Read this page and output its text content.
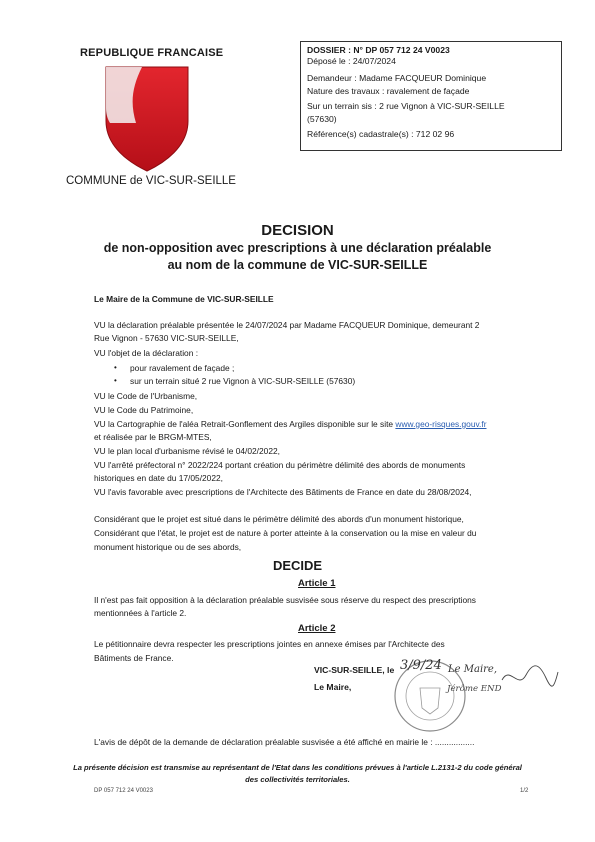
REPUBLIQUE FRANCAISE
COMMUNE de VIC-SUR-SEILLE
DOSSIER : N° DP 057 712 24 V0023
Déposé le : 24/07/2024
Demandeur : Madame FACQUEUR Dominique
Nature des travaux : ravalement de façade
Sur un terrain sis : 2 rue Vignon à VIC-SUR-SEILLE
(57630)
Référence(s) cadastrale(s) : 712 02 96
DECISION
de non-opposition avec prescriptions à une déclaration préalable
au nom de la commune de VIC-SUR-SEILLE
Le Maire de la Commune de VIC-SUR-SEILLE
VU la déclaration préalable présentée le 24/07/2024 par Madame FACQUEUR Dominique, demeurant 2
Rue Vignon - 57630 VIC-SUR-SEILLE,
VU l'objet de la déclaration :
• pour ravalement de façade ;
• sur un terrain situé 2 rue Vignon à VIC-SUR-SEILLE (57630)
VU le Code de l'Urbanisme,
VU le Code du Patrimoine,
VU la Cartographie de l'aléa Retrait-Gonflement des Argiles disponible sur le site www.geo-risques.gouv.fr
et réalisée par le BRGM-MTES,
VU le plan local d'urbanisme révisé le 04/02/2022,
VU l'arrêté préfectoral n° 2022/224 portant création du périmètre délimité des abords de monuments
historiques en date du 17/05/2022,
VU l'avis favorable avec prescriptions de l'Architecte des Bâtiments de France en date du 28/08/2024,
Considérant que le projet est situé dans le périmètre délimité des abords d'un monument historique,
Considérant que l'état, le projet est de nature à porter atteinte à la conservation ou la mise en valeur du
monument historique ou de ses abords,
DECIDE
Article 1
Il n'est pas fait opposition à la déclaration préalable susvisée sous réserve du respect des prescriptions
mentionnées à l'article 2.
Article 2
Le pétitionnaire devra respecter les prescriptions jointes en annexe émises par l'Architecte des
Bâtiments de France.
VIC-SUR-SEILLE, le 3/9/24 Le Maire,
Le Maire,	Jérôme END
L'avis de dépôt de la demande de déclaration préalable susvisée a été affiché en mairie le : .................
La présente décision est transmise au représentant de l'Etat dans les conditions prévues à l'article L.2131-2 du code général
des collectivités territoriales.
DP 057 712 24 V0023	1/2
